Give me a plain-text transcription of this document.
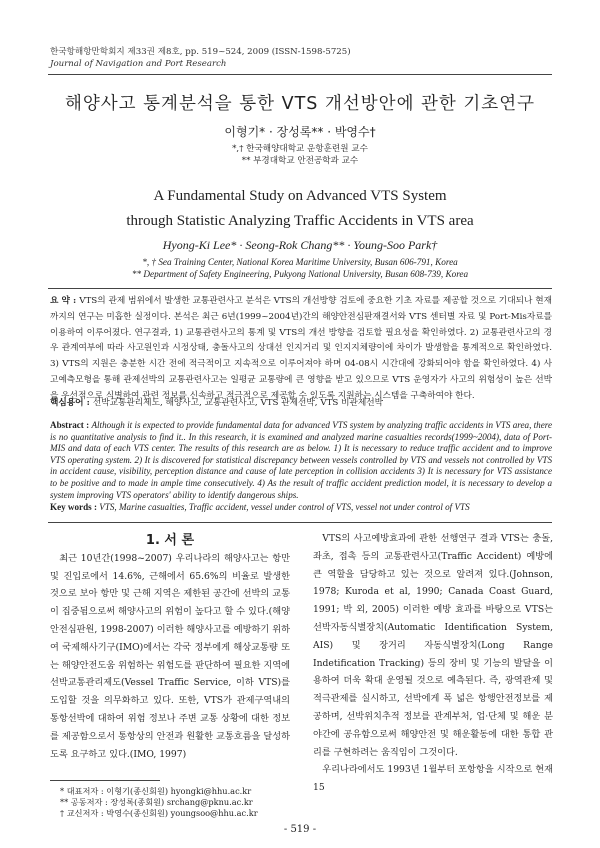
한국항해항만학회지 제33권 제8호, pp. 519~524, 2009 (ISSN-1598-5725)
Journal of Navigation and Port Research
해양사고 통계분석을 통한 VTS 개선방안에 관한 기초연구
이형기* · 장성록** · 박영수†
*,† 한국해양대학교 운항훈련원 교수
** 부경대학교 안전공학과 교수
A Fundamental Study on Advanced VTS System
through Statistic Analyzing Traffic Accidents in VTS area
Hyong-Ki Lee* · Seong-Rok Chang** · Young-Soo Park†
*, † Sea Training Center, National Korea Maritime University, Busan 606-791, Korea
** Department of Safety Engineering, Pukyong National University, Busan 608-739, Korea
요 약 : VTS의 관제 범위에서 발생한 교통관련사고 분석은 VTS의 개선방향 검토에 중요한 기초 자료를 제공할 것으로 기대되나 현재까지의 연구는 미흡한 실정이다. 본석은 최근 6년(1999~2004년)간의 해양안전심판재결서와 VTS 센터별 자료 및 Port-Mis자료를 이용하여 이루어졌다. 연구결과, 1) 교통관련사고의 통계 및 VTS의 개선 방향을 검토할 필요성을 확인하였다. 2) 교통관련사고의 경우 관계여부에 따라 사고원인과 시정상태, 충돌사고의 상대선 인지거리 및 인지지체량이에 차이가 발생함을 통계적으로 확인하였다. 3) VTS의 지원은 충분한 시간 전에 적극적이고 지속적으로 이루어져야 하며 04-08시 시간대에 강화되어야 함을 확인하였다. 4) 사고예측모형을 통해 관제선박의 교통관련사고는 일평균 교통량에 큰 영향을 받고 있으므로 VTS 운영자가 사고의 위험성이 높은 선박을 우선적으로 식별하여 관련 정보를 신속하고 적극적으로 제공할 수 있도록 지원하는 시스템을 구축하여야 한다.
핵심용어 : 선박교통관리제도, 해양사고, 교통관련사고, VTS 관제선박, VTS 비관제선박
Abstract : Although it is expected to provide fundamental data for advanced VTS system by analyzing traffic accidents in VTS area, there is no quantitative analysis to find it.. In this research, it is examined and analyzed marine casualties records(1999~2004), data of Port-MIS and data of each VTS center. The results of this research are as below. 1) It is necessary to reduce traffic accident and to improve VTS operating system. 2) It is discovered for statistical discrepancy between vessels controlled by VTS and vessels not controlled by VTS in accident cause, visibility, perception distance and cause of late perception in collision accidents 3) It is necessary for VTS assistance to be positive and to made in ample time consecutively. 4) As the result of traffic accident prediction model, it is necessary to develop a system improving VTS operators' ability to identify dangerous ships.
Key words : VTS, Marine casualties, Traffic accident, vessel under control of VTS, vessel not under control of VTS

1. 서 론

최근 10년간(1998~2007) 우리나라의 해양사고는 항만 및 진입로에서 14.6%, 근해에서 65.6%의 비율로 발생한 것으로 보아 항만 및 근해 지역은 제한된 공간에 선박의 교통이 집중됨으로써 해양사고의 위험이 높다고 할 수 있다.(해양안전심판원, 1998-2007) 이러한 해양사고를 예방하기 위하여 국제해사기구(IMO)에서는 각국 정부에게 해상교통량 또는 해양안전도움 위험하는 위험도를 판단하여 필요한 지역에 선박교통관리제도(Vessel Traffic Service, 이하 VTS)를 도입할 것을 의무화하고 있다. 또한, VTS가 관제구역내의 통항선박에 대하여 위험 정보나 주변 교통 상황에 대한 정보를 제공함으로서 통항상의 안전과 원활한 교통흐름을 달성하도록 요구하고 있다.(IMO, 1997)

VTS의 사고예방효과에 관한 선행연구 결과 VTS는 충돌, 좌초, 접촉 등의 교통관련사고(Traffic Accident) 예방에 큰 역할을 담당하고 있는 것으로 알려져 있다.(Johnson, 1978; Kuroda et al, 1990; Canada Coast Guard, 1991; 박 외, 2005) 이러한 예방 효과를 바탕으로 VTS는 선박자동식별장치(Automatic Identification System, AIS) 및 장거리 자동식별장치(Long Range Indetification Tracking) 등의 장비 및 기능의 발달을 이용하여 더욱 확대 운영될 것으로 예측된다. 즉, 광역관제 및 적극관제를 실시하고, 선박에게 폭 넓은 항행안전정보를 제공하며, 선박위치추적 정보를 관계부처, 업·단체 및 해운 분야간에 공유함으로써 해양안전 및 해운활동에 대한 통합 관리를 구현하려는 움직임이 그것이다.

우리나라에서도 1993년 1월부터 포항항을 시작으로 현재 15

* 대표저자 : 이형기(종신회원) hyongki@hhu.ac.kr
** 공동저자 : 장성록(종회원) srchang@pknu.ac.kr
† 교신저자 : 박영수(종신회원) youngsoo@hhu.ac.kr
- 519 -
